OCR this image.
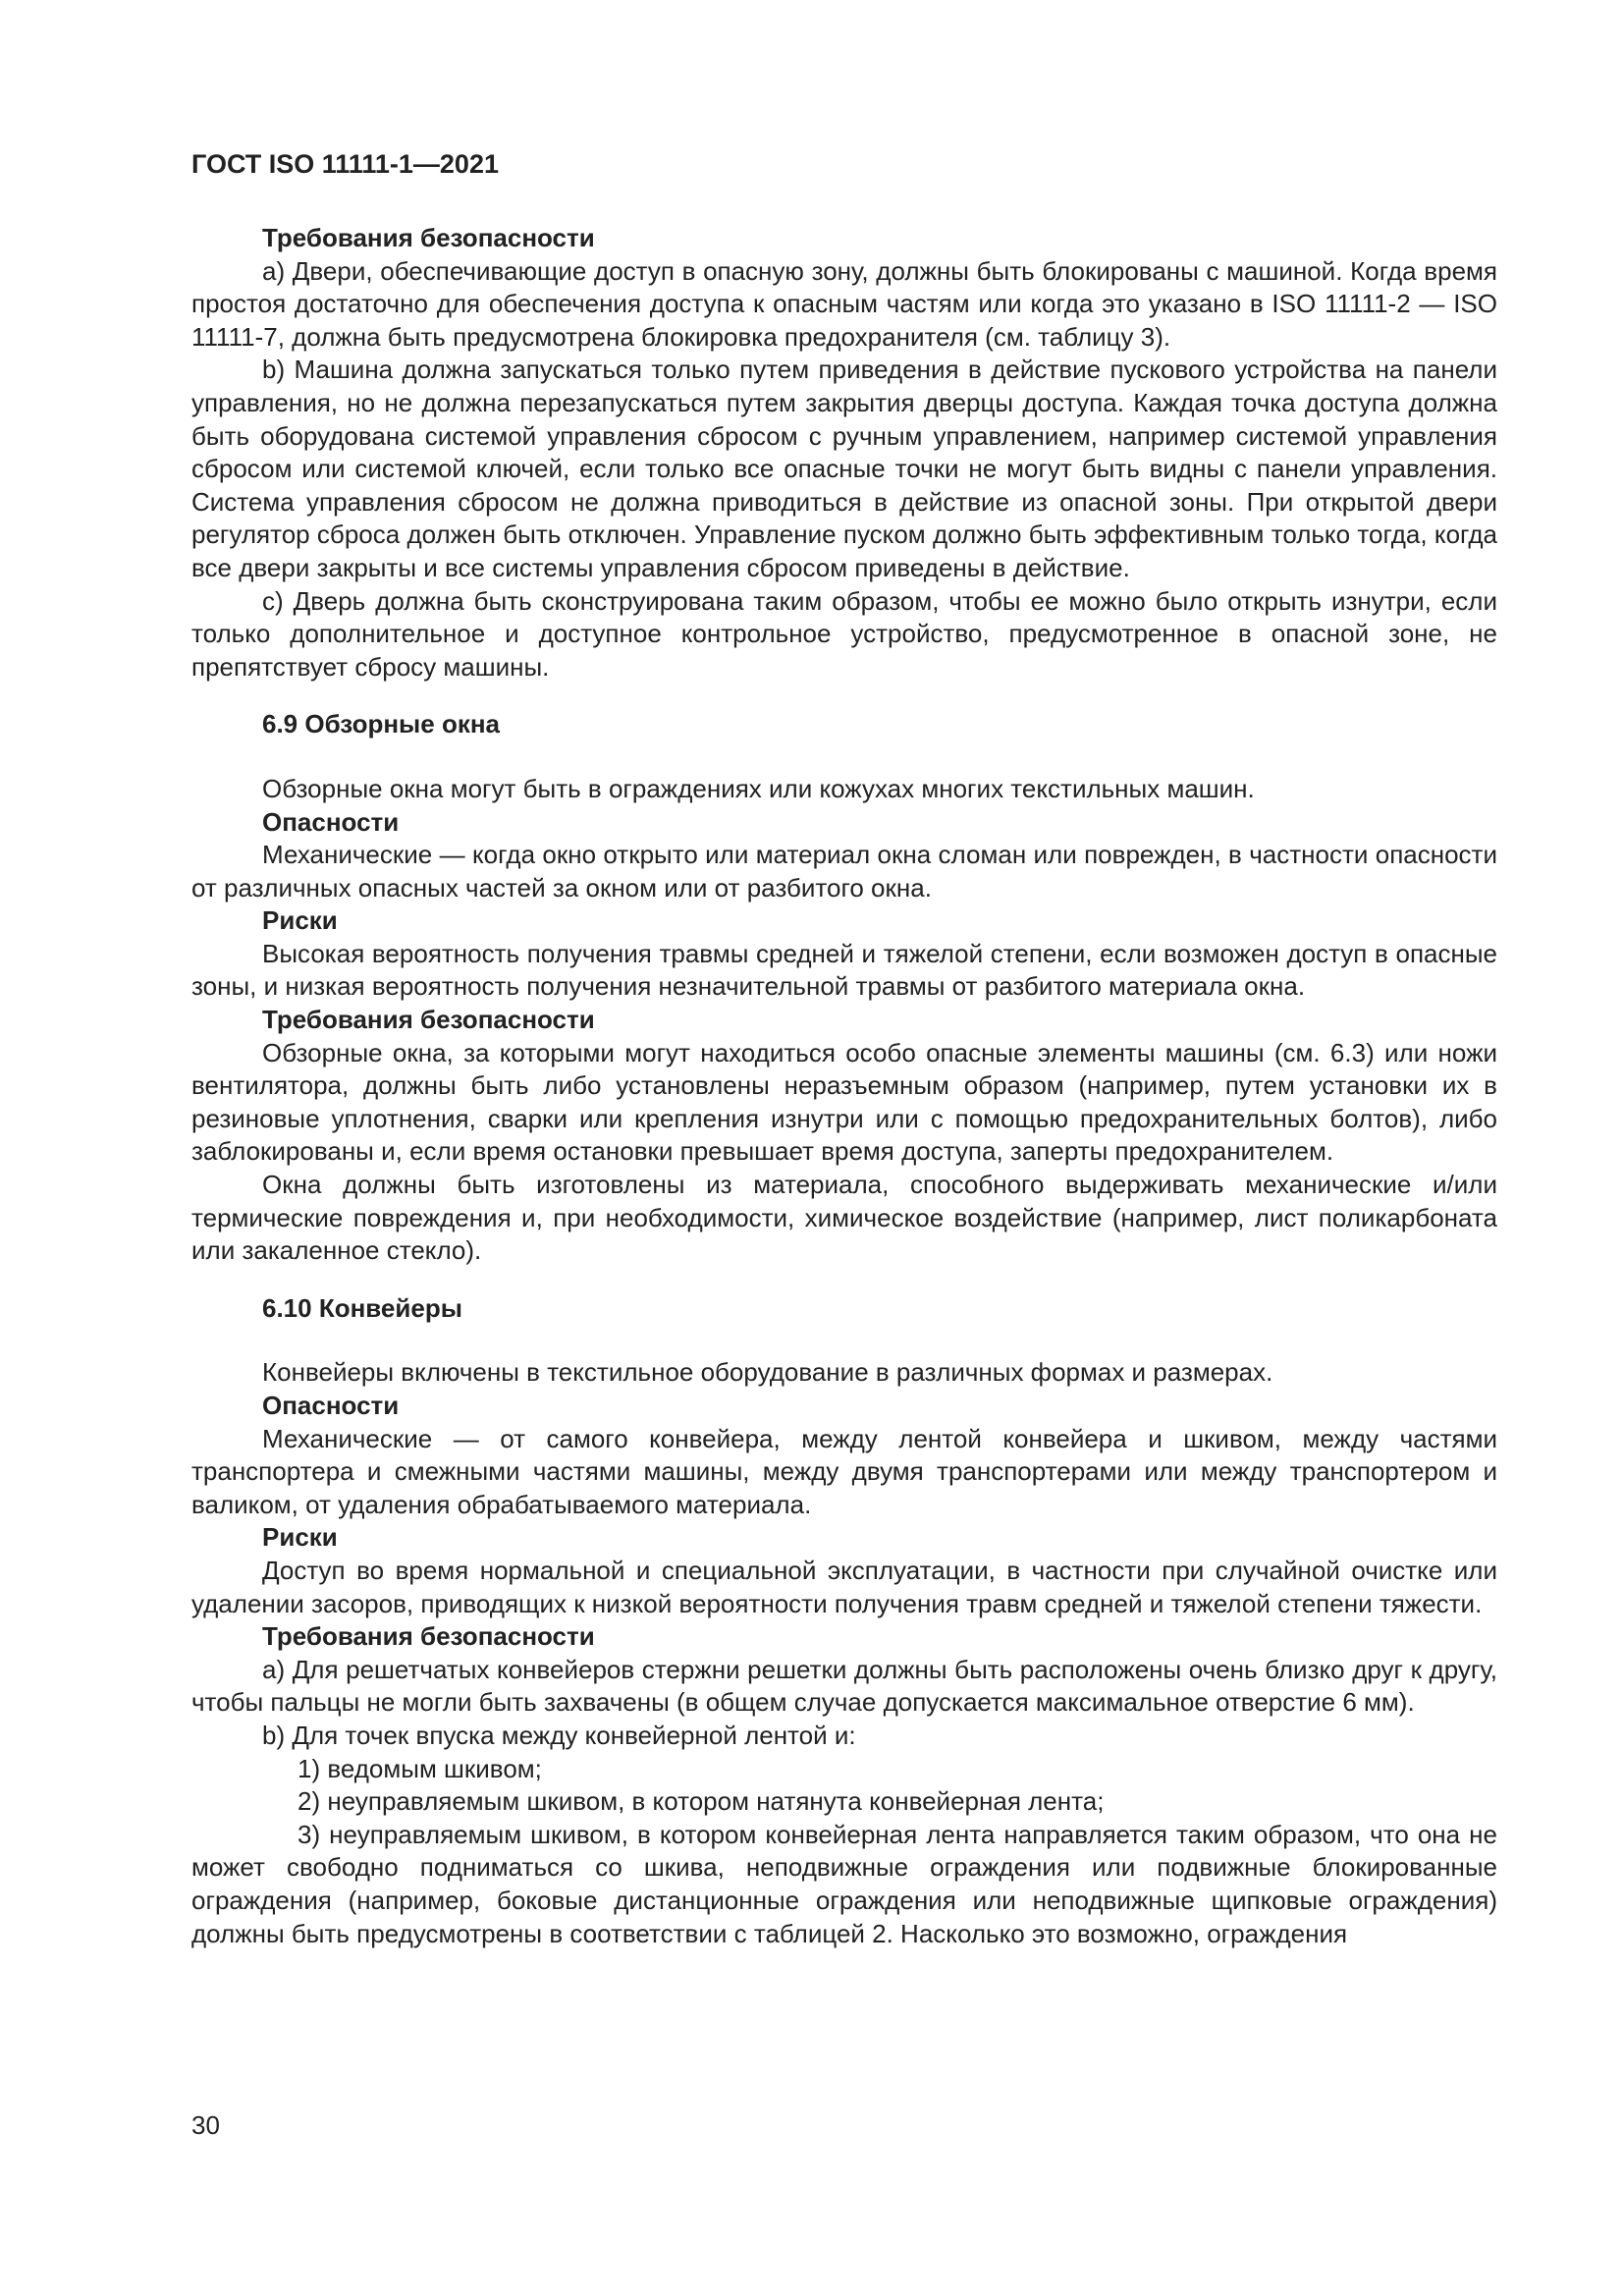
ГОСТ ISO 11111-1—2021

Требования безопасности

a) Двери, обеспечивающие доступ в опасную зону, должны быть блокированы с машиной. Когда время простоя достаточно для обеспечения доступа к опасным частям или когда это указано в ISO 11111-2 — ISO 11111-7, должна быть предусмотрена блокировка предохранителя (см. таблицу 3).

b) Машина должна запускаться только путем приведения в действие пускового устройства на панели управления, но не должна перезапускаться путем закрытия дверцы доступа. Каждая точка доступа должна быть оборудована системой управления сбросом с ручным управлением, например системой управления сбросом или системой ключей, если только все опасные точки не могут быть видны с панели управления. Система управления сбросом не должна приводиться в действие из опасной зоны. При открытой двери регулятор сброса должен быть отключен. Управление пуском должно быть эффективным только тогда, когда все двери закрыты и все системы управления сбросом приведены в действие.

c) Дверь должна быть сконструирована таким образом, чтобы ее можно было открыть изнутри, если только дополнительное и доступное контрольное устройство, предусмотренное в опасной зоне, не препятствует сбросу машины.

6.9 Обзорные окна

Обзорные окна могут быть в ограждениях или кожухах многих текстильных машин.

Опасности

Механические — когда окно открыто или материал окна сломан или поврежден, в частности опасности от различных опасных частей за окном или от разбитого окна.

Риски

Высокая вероятность получения травмы средней и тяжелой степени, если возможен доступ в опасные зоны, и низкая вероятность получения незначительной травмы от разбитого материала окна.

Требования безопасности

Обзорные окна, за которыми могут находиться особо опасные элементы машины (см. 6.3) или ножи вентилятора, должны быть либо установлены неразъемным образом (например, путем установки их в резиновые уплотнения, сварки или крепления изнутри или с помощью предохранительных болтов), либо заблокированы и, если время остановки превышает время доступа, заперты предохранителем.

Окна должны быть изготовлены из материала, способного выдерживать механические и/или термические повреждения и, при необходимости, химическое воздействие (например, лист поликарбоната или закаленное стекло).

6.10 Конвейеры

Конвейеры включены в текстильное оборудование в различных формах и размерах.

Опасности

Механические — от самого конвейера, между лентой конвейера и шкивом, между частями транспортера и смежными частями машины, между двумя транспортерами или между транспортером и валиком, от удаления обрабатываемого материала.

Риски

Доступ во время нормальной и специальной эксплуатации, в частности при случайной очистке или удалении засоров, приводящих к низкой вероятности получения травм средней и тяжелой степени тяжести.

Требования безопасности

a) Для решетчатых конвейеров стержни решетки должны быть расположены очень близко друг к другу, чтобы пальцы не могли быть захвачены (в общем случае допускается максимальное отверстие 6 мм).

b) Для точек впуска между конвейерной лентой и:

1) ведомым шкивом;

2) неуправляемым шкивом, в котором натянута конвейерная лента;

3) неуправляемым шкивом, в котором конвейерная лента направляется таким образом, что она не может свободно подниматься со шкива, неподвижные ограждения или подвижные блокированные ограждения (например, боковые дистанционные ограждения или неподвижные щипковые ограждения) должны быть предусмотрены в соответствии с таблицей 2. Насколько это возможно, ограждения

30
